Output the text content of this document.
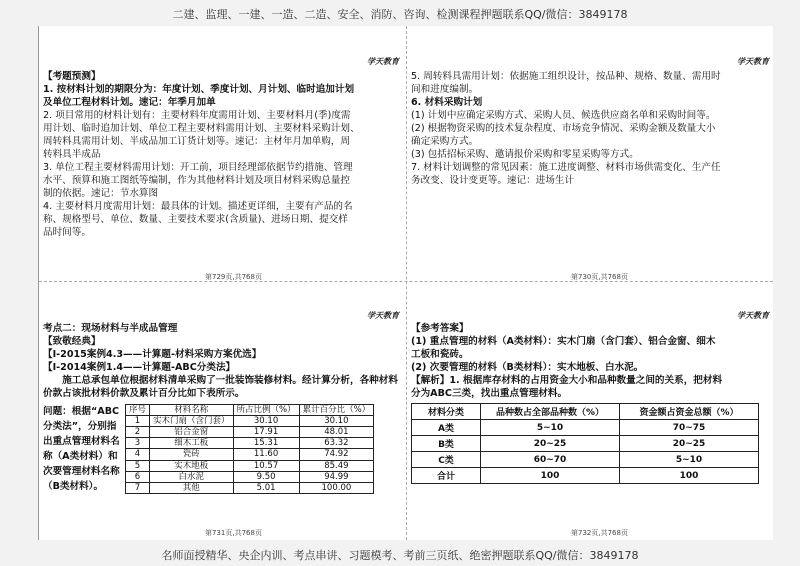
二建、监理、一建、一造、二造、安全、消防、咨询、检测课程押题联系QQ/微信：3849178
学天教育	学天教育
学天教育	学天教育

【考题预测】

1. 按材料计划的期限分为：年度计划、季度计划、月计划、临时追加计划

及单位工程材料计划。速记：年季月加单

2. 项目常用的材料计划有：主要材料年度需用计划、主要材料月(季)度需

用计划、临时追加计划、单位工程主要材料需用计划、主要材料采购计划、

周转料具需用计划、半成品加工订货计划等。速记：主材年月加单购，周

转料具半成品

3. 单位工程主要材料需用计划：开工前，项目经理部依据节约措施、管理

水平、预算和施工图纸等编制，作为其他材料计划及项目材料采购总量控

制的依据。速记：节水算图

4. 主要材料月度需用计划：最具体的计划。描述更详细，主要有产品的名

称、规格型号、单位、数量、主要技术要求(含质量)、进场日期、提交样

品时间等。

第729页,共768页

5. 周转料具需用计划：依据施工组织设计，按品种、规格、数量、需用时

间和进度编制。

6. 材料采购计划

(1) 计划中应确定采购方式、采购人员、候选供应商名单和采购时间等。

(2) 根据物资采购的技术复杂程度、市场竞争情况、采购金额及数量大小

确定采购方式。

(3) 包括招标采购、邀请报价采购和零星采购等方式。

7. 材料计划调整的常见因素：施工进度调整、材料市场供需变化、生产任

务改变、设计变更等。速记：进场生计

第730页,共768页

考点二：现场材料与半成品管理

【致敬经典】

【Ⅰ-2015案例4.3——计算题-材料采购方案优选】

【Ⅰ-2014案例1.4——计算题-ABC分类法】

施工总承包单位根据材料清单采购了一批装饰装修材料。经计算分析，各种材料价款占该批材料价款及累计百分比如下表所示。

问题：根据“ABC分类法”，分别指出重点管理材料名称（A类材料）和次要管理材料名称（B类材料）。
序号	材料名称	所占比例（%）	累计百分比（%）
1	实木门扇（含门套）	30.10	30.10
2	铝合金窗	17.91	48.01
3	细木工板	15.31	63.32
4	瓷砖	11.60	74.92
5	实木地板	10.57	85.49
6	白水泥	9.50	94.99
7	其他	5.01	100.00
第731页,共768页

【参考答案】

(1) 重点管理的材料（A类材料）：实木门扇（含门套）、铝合金窗、细木

工板和瓷砖。

(2) 次要管理的材料（B类材料）：实木地板、白水泥。

【解析】1. 根据库存材料的占用资金大小和品种数量之间的关系，把材料

分为ABC三类，找出重点管理材料。

材料分类	品种数占全部品种数（%）	资金额占资金总额（%）
A类	5~10	70~75
B类	20~25	20~25
C类	60~70	5~10
合计	100	100
第732页,共768页
名师面授精华、央企内训、考点串讲、习题模考、考前三页纸、绝密押题联系QQ/微信：3849178
